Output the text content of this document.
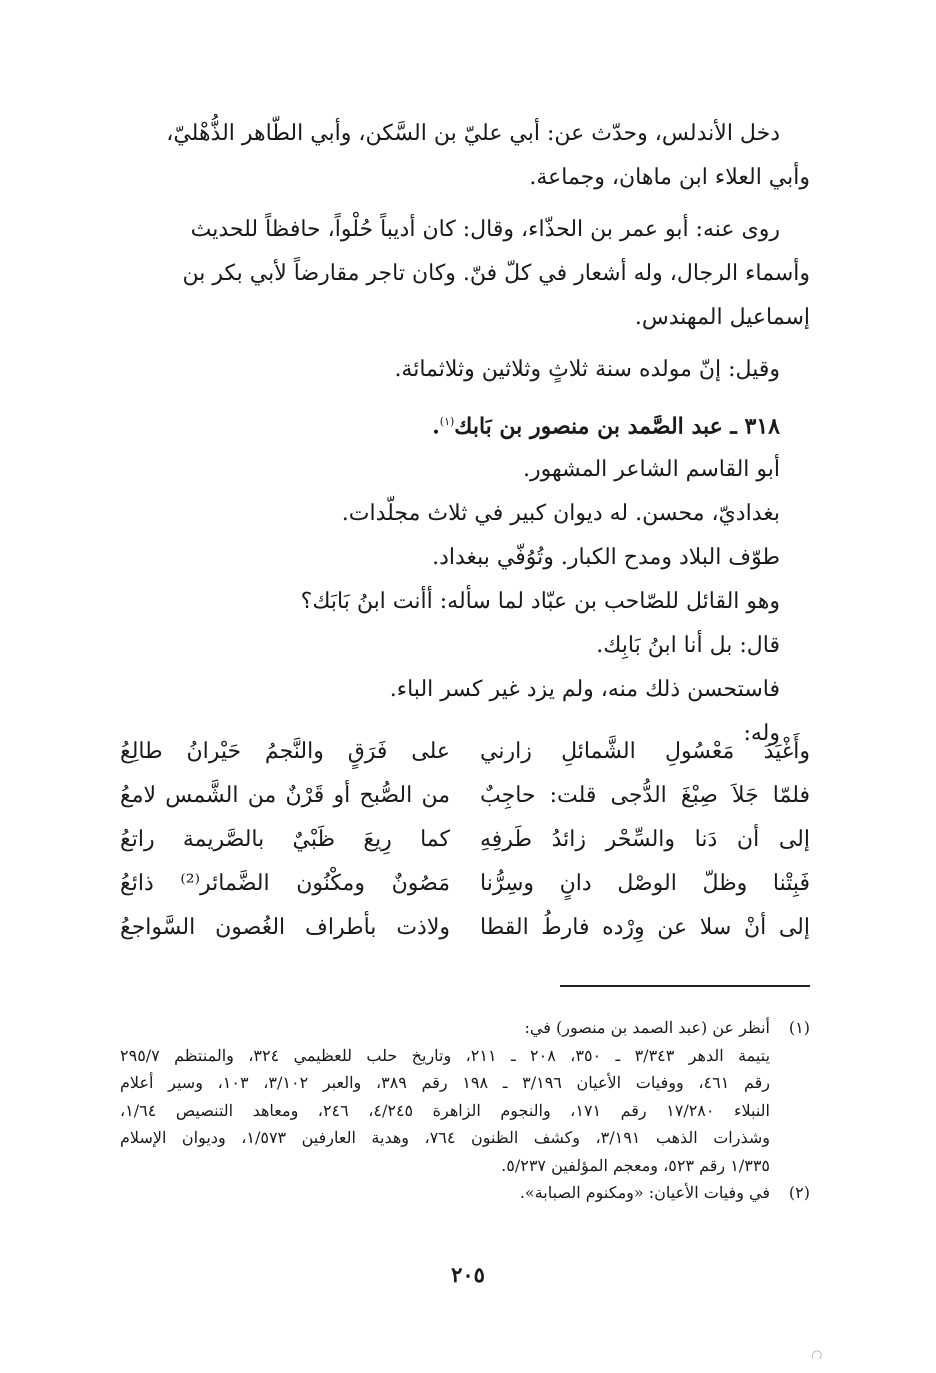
دخل الأندلس، وحدّث عن: أبي عليّ بن السَّكن، وأبي الطّاهر الذُّهْليّ،
وأبي العلاء ابن ماهان، وجماعة.

روى عنه: أبو عمر بن الحذّاء، وقال: كان أديباً حُلْواً، حافظاً للحديث
وأسماء الرجال، وله أشعار في كلّ فنّ. وكان تاجر مقارضاً لأبي بكر بن
إسماعيل المهندس.

وقيل: إنّ مولده سنة ثلاثٍ وثلاثين وثلاثمائة.

٣١٨ ـ عبد الصَّمد بن منصور بن بَابك$^{(١)}$.
أبو القاسم الشاعر المشهور.
بغداديّ، محسن. له ديوان كبير في ثلاث مجلّدات.
طوّف البلاد ومدح الكبار. وتُوُفّي ببغداد.
وهو القائل للصّاحب بن عبّاد لما سأله: أأنت ابنُ بَابَك؟
قال: بل أنا ابنُ بَابِك.
فاستحسن ذلك منه، ولم يزد غير كسر الباء.
وله:
وأَغْيَدَ مَعْسُولِ الشَّمائلِ زارني
على فَرَقٍ والنَّجمُ حَيْرانُ طالِعُ
فلمّا جَلاَ صِبْغَ الدُّجى قلت: حاجِبٌ
من الصُّبح أو قَرْنٌ من الشَّمس لامعُ
إلى أن دَنا والسِّحْر زائدُ طَرفِهِ
كما رِيعَ ظَبْيٌ بالصَّريمة راتعُ
فَبِتْنا وظلّ الوصْل دانٍ وسِرُّنا
مَصُونٌ ومكْنُون الضَّمائر⁽²⁾ ذائعُ
إلى أنْ سلا عن وِرْده فارطُ القطا
ولاذت بأطراف الغُصون السَّواجعُ
(١)
أنظر عن (عبد الصمد بن منصور) في:
يتيمة الدهر ٣/٣٤٣ ـ ٣٥٠، ٢٠٨ ـ ٢١١، وتاريخ حلب للعظيمي ٣٢٤، والمنتظم ٢٩٥/٧
رقم ٤٦١، ووفيات الأعيان ٣/١٩٦ ـ ١٩٨ رقم ٣٨٩، والعبر ٣/١٠٢، ١٠٣، وسير أعلام
النبلاء ١٧/٢٨٠ رقم ١٧١، والنجوم الزاهرة ٤/٢٤٥، ٢٤٦، ومعاهد التنصيص ١/٦٤،
وشذرات الذهب ٣/١٩١، وكشف الظنون ٧٦٤، وهدية العارفين ١/٥٧٣، وديوان الإسلام
١/٣٣٥ رقم ٥٢٣، ومعجم المؤلفين ٥/٢٣٧.
(٢)
في وفيات الأعيان: «ومكنوم الصبابة».
٢٠٥
